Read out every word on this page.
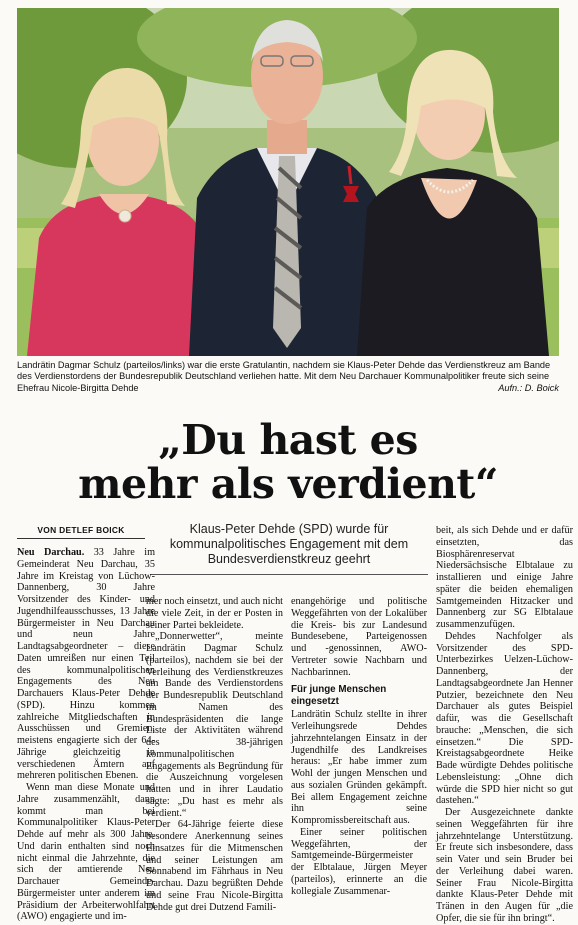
Landrätin Dagmar Schulz (parteilos/links) war die erste Gratulantin, nachdem sie Klaus-Peter Dehde das Verdienstkreuz am Bande des Verdienstordens der Bundesrepublik Deutschland verliehen hatte. Mit dem Neu Darchauer Kommunalpolitiker freute sich seine Ehefrau Nicole-Birgitta Dehde	Aufn.: D. Boick
„Du hast es
mehr als verdient“
VON DETLEF BOICK	Klaus-Peter Dehde (SPD) wurde für kommunalpolitisches Engagement mit dem Bundesverdienstkreuz geehrt

Neu Darchau. 33 Jahre im Gemeinderat Neu Darchau, 35 Jahre im Kreistag von Lüchow-Dannenberg, 30 Jahre Vorsitzender des Kinder- und Jugendhilfeausschusses, 13 Jahre Bürgermeister in Neu Darchau und neun Jahre Landtagsabgeordneter – diese Daten umreißen nur einen Teil des kommunalpolitischen Engagements des Neu Darchauers Klaus-Peter Dehde (SPD). Hinzu kommen zahlreiche Mitgliedschaften in Ausschüssen und Gremien, meistens engagierte sich der 64-Jährige gleichzeitig in verschiedenen Ämtern auf mehreren politischen Ebenen.

Wenn man diese Monate und Jahre zusammenzählt, dann kommt man bei Kommunalpolitiker Klaus-Peter Dehde auf mehr als 300 Jahre. Und darin enthalten sind noch nicht einmal die Jahrzehnte, die sich der amtierende Neu Darchauer Gemeinde-Bürgermeister unter anderem im Präsidium der Arbeiterwohlfahrt (AWO) engagierte und im-

mer noch einsetzt, und auch nicht die viele Zeit, in der er Posten in seiner Partei bekleidete.

„Donnerwetter“, meinte Landrätin Dagmar Schulz (parteilos), nachdem sie bei der Verleihung des Verdienstkreuzes am Bande des Verdienstordens der Bundesrepublik Deutschland im Namen des Bundespräsidenten die lange Liste der Aktivitäten während des 38-jährigen kommunalpolitischen Engagements als Begründung für die Auszeichnung vorgelesen hatten und in ihrer Laudatio sagte: „Du hast es mehr als verdient.“

Der 64-Jährige feierte diese besondere Anerkennung seines Einsatzes für die Mitmenschen und seiner Leistungen am Sonnabend im Fährhaus in Neu Darchau. Dazu begrüßten Dehde und seine Frau Nicole-Birgitta Dehde gut drei Dutzend Famili-

enangehörige und politische Weggefährten von der Lokalüber die Kreis- bis zur Landesund Bundesebene, Parteigenossen und -genossinnen, AWO-Vertreter sowie Nachbarn und Nachbarinnen.

Für junge Menschen eingesetzt

Landrätin Schulz stellte in ihrer Verleihungsrede Dehdes jahrzehntelangen Einsatz in der Jugendhilfe des Landkreises heraus: „Er habe immer zum Wohl der jungen Menschen und aus sozialen Gründen gekämpft. Bei allem Engagement zeichne ihn seine Kompromissbereitschaft aus.

Einer seiner politischen Weggefährten, der Samtgemeinde-Bürgermeister der Elbtalaue, Jürgen Meyer (parteilos), erinnerte an die kollegiale Zusammenar-

beit, als sich Dehde und er dafür einsetzten, das Biosphärenreservat Niedersächsische Elbtalaue zu installieren und einige Jahre später die beiden ehemaligen Samtgemeinden Hitzacker und Dannenberg zur SG Elbtalaue zusammenzufügen.

Dehdes Nachfolger als Vorsitzender des SPD-Unterbezirkes Uelzen-Lüchow-Dannenberg, der Landtagsabgeordnete Jan Henner Putzier, bezeichnete den Neu Darchauer als gutes Beispiel dafür, was die Gesellschaft brauche: „Menschen, die sich einsetzen.“ Die SPD-Kreistagsabgeordnete Heike Bade würdigte Dehdes politische Lebensleistung: „Ohne dich würde die SPD hier nicht so gut dastehen.“

Der Ausgezeichnete dankte seinen Weggefährten für ihre jahrzehntelange Unterstützung. Er freute sich insbesondere, dass sein Vater und sein Bruder bei der Verleihung dabei waren. Seiner Frau Nicole-Birgitta dankte Klaus-Peter Dehde mit Tränen in den Augen für „die Opfer, die sie für ihn bringt“.
